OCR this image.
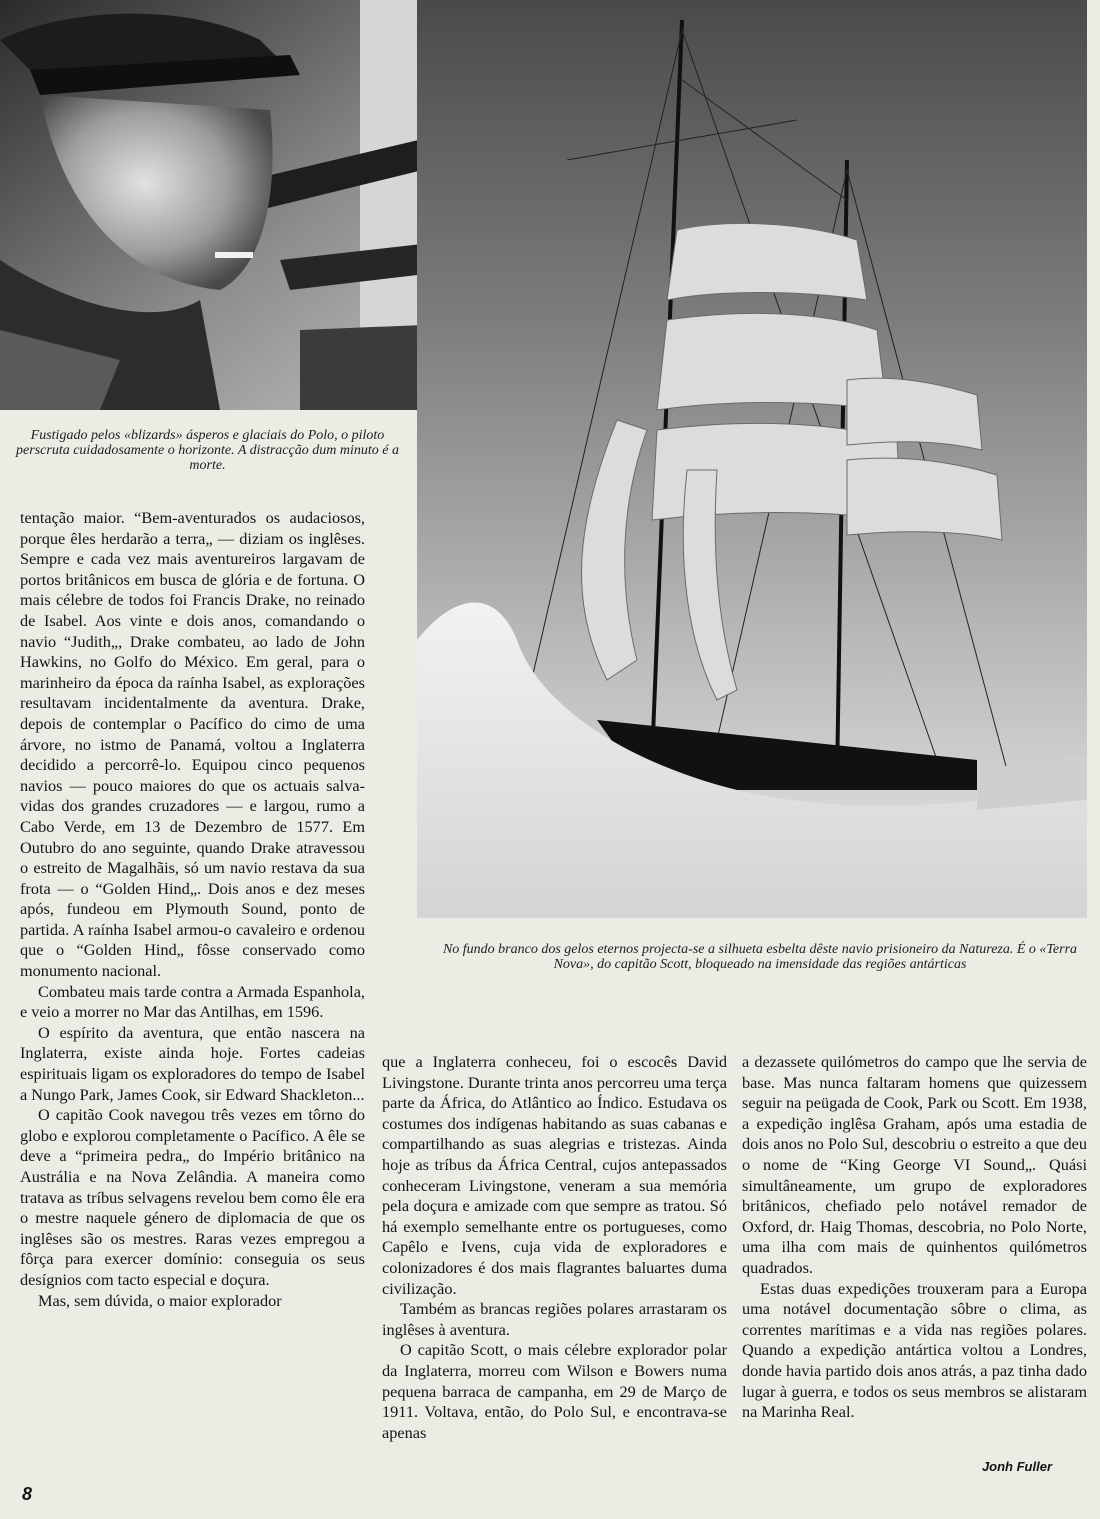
Fustigado pelos «blizards» ásperos e glaciais do Polo, o piloto perscruta cuidadosamente o horizonte. A distracção dum minuto é a morte.

tentação maior. “Bem-aventurados os audaciosos, porque êles herdarão a terra„ — diziam os inglêses. Sempre e cada vez mais aventureiros largavam de portos britânicos em busca de glória e de fortuna. O mais célebre de todos foi Francis Drake, no reinado de Isabel. Aos vinte e dois anos, comandando o navio “Judith„, Drake combateu, ao lado de John Hawkins, no Golfo do México. Em geral, para o marinheiro da época da raínha Isabel, as explorações resultavam incidentalmente da aventura. Drake, depois de contemplar o Pacífico do cimo de uma árvore, no istmo de Panamá, voltou a Inglaterra decidido a percorrê-lo. Equipou cinco pequenos navios — pouco maiores do que os actuais salva-vidas dos grandes cruzadores — e largou, rumo a Cabo Verde, em 13 de Dezembro de 1577. Em Outubro do ano seguinte, quando Drake atravessou o estreito de Magalhãis, só um navio restava da sua frota — o “Golden Hind„. Dois anos e dez meses após, fundeou em Plymouth Sound, ponto de partida. A raínha Isabel armou-o cavaleiro e ordenou que o “Golden Hind„ fôsse conservado como monumento nacional.

Combateu mais tarde contra a Armada Espanhola, e veio a morrer no Mar das Antilhas, em 1596.

O espírito da aventura, que então nascera na Inglaterra, existe ainda hoje. Fortes cadeias espirituais ligam os exploradores do tempo de Isabel a Nungo Park, James Cook, sir Edward Shackleton...

O capitão Cook navegou três vezes em tôrno do globo e explorou completamente o Pacífico. A êle se deve a “primeira pedra„ do Império britânico na Austrália e na Nova Zelândia. A maneira como tratava as tríbus selvagens revelou bem como êle era o mestre naquele género de diplomacia de que os inglêses são os mestres. Raras vezes empregou a fôrça para exercer domínio: conseguia os seus desígnios com tacto especial e doçura.

Mas, sem dúvida, o maior explorador

No fundo branco dos gelos eternos projecta-se a silhueta esbelta dêste navio prisioneiro da Natureza. É o «Terra Nova», do capitão Scott, bloqueado na imensidade das regiões antárticas

que a Inglaterra conheceu, foi o escocês David Livingstone. Durante trinta anos percorreu uma terça parte da África, do Atlântico ao Índico. Estudava os costumes dos indígenas habitando as suas cabanas e compartilhando as suas alegrias e tristezas. Ainda hoje as tríbus da África Central, cujos antepassados conheceram Livingstone, veneram a sua memória pela doçura e amizade com que sempre as tratou. Só há exemplo semelhante entre os portugueses, como Capêlo e Ivens, cuja vida de exploradores e colonizadores é dos mais flagrantes baluartes duma civilização.

Também as brancas regiões polares arrastaram os inglêses à aventura.

O capitão Scott, o mais célebre explorador polar da Inglaterra, morreu com Wilson e Bowers numa pequena barraca de campanha, em 29 de Março de 1911. Voltava, então, do Polo Sul, e encontrava-se apenas

a dezassete quilómetros do campo que lhe servia de base. Mas nunca faltaram homens que quizessem seguir na peügada de Cook, Park ou Scott. Em 1938, a expedição inglêsa Graham, após uma estadia de dois anos no Polo Sul, descobriu o estreito a que deu o nome de “King George VI Sound„. Quási simultâneamente, um grupo de exploradores britânicos, chefiado pelo notável remador de Oxford, dr. Haig Thomas, descobria, no Polo Norte, uma ilha com mais de quinhentos quilómetros quadrados.

Estas duas expedições trouxeram para a Europa uma notável documentação sôbre o clima, as correntes marítimas e a vida nas regiões polares. Quando a expedição antártica voltou a Londres, donde havia partido dois anos atrás, a paz tinha dado lugar à guerra, e todos os seus membros se alistaram na Marinha Real.

Jonh Fuller
8
